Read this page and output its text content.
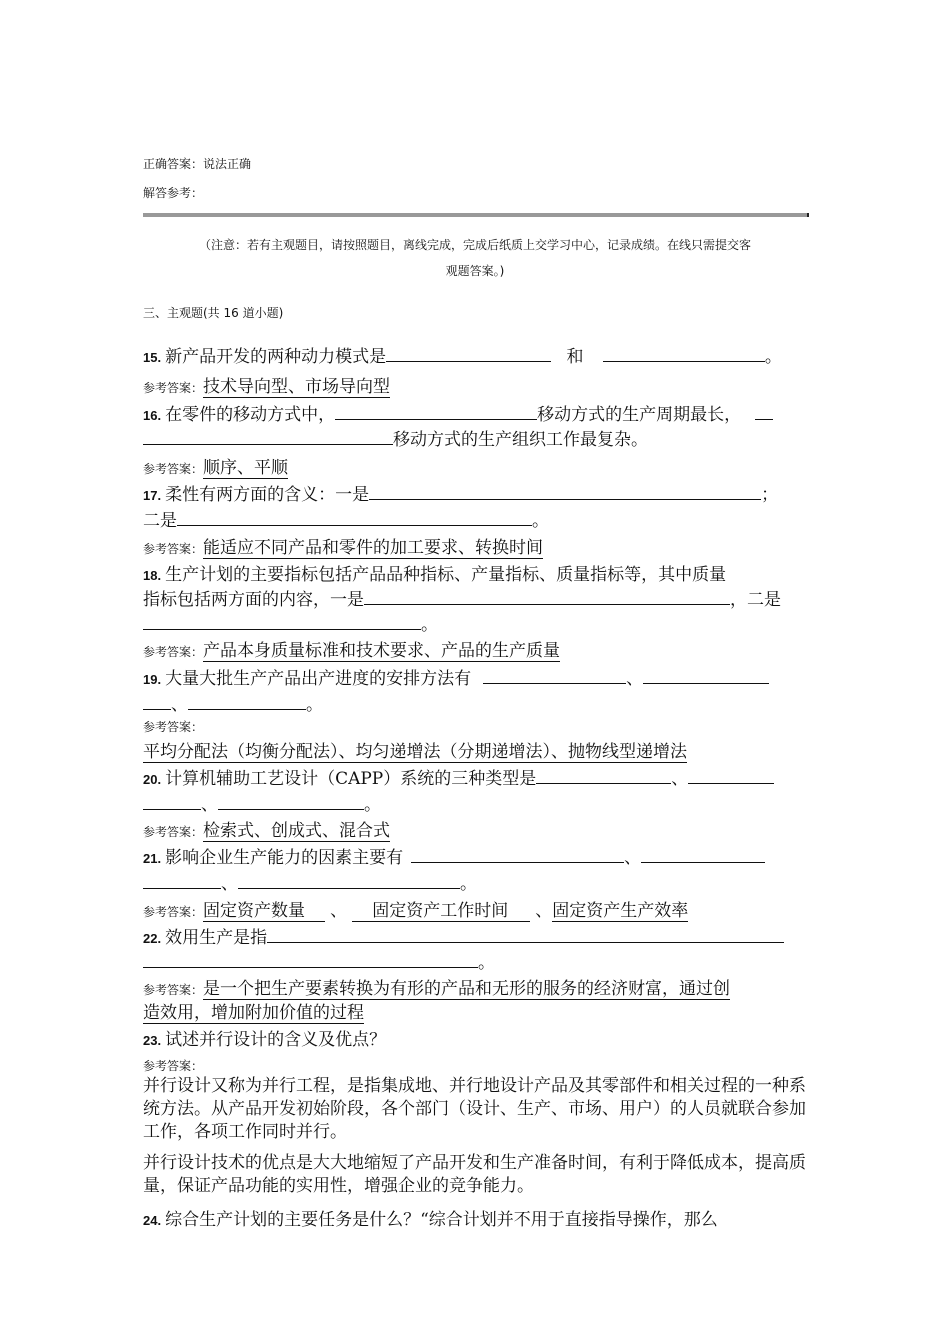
正确答案：说法正确
解答参考：
（注意：若有主观题目，请按照题目，离线完成，完成后纸质上交学习中心，记录成绩。在线只需提交客
观题答案。)
三、主观题(共 16 道小题)
15. 新产品开发的两种动力模式是	和	。
参考答案：技术导向型、市场导向型
16. 在零件的移动方式中，	移动方式的生产周期最长，
移动方式的生产组织工作最复杂。
参考答案：顺序、平顺
17. 柔性有两方面的含义：一是	；
二是	。
参考答案：能适应不同产品和零件的加工要求、转换时间
18. 生产计划的主要指标包括产品品种指标、产量指标、质量指标等，其中质量
指标包括两方面的内容，一是	，二是
。
参考答案：产品本身质量标准和技术要求、产品的生产质量
19. 大量大批生产产品出产进度的安排方法有	、
、	。
参考答案：
平均分配法（均衡分配法）、均匀递增法（分期递增法）、抛物线型递增法
20. 计算机辅助工艺设计（CAPP）系统的三种类型是	、
、	。
参考答案：检索式、创成式、混合式
21. 影响企业生产能力的因素主要有	、
、	。
参考答案：固定资产数量 、 固定资产工作时间 、固定资产生产效率
22. 效用生产是指
。
参考答案：是一个把生产要素转换为有形的产品和无形的服务的经济财富，通过创
造效用，增加附加价值的过程
23. 试述并行设计的含义及优点？
参考答案：
并行设计又称为并行工程，是指集成地、并行地设计产品及其零部件和相关过程的一种系统方法。从产品开发初始阶段，各个部门（设计、生产、市场、用户）的人员就联合参加工作，各项工作同时并行。
并行设计技术的优点是大大地缩短了产品开发和生产准备时间，有利于降低成本，提高质量，保证产品功能的实用性，增强企业的竞争能力。
24. 综合生产计划的主要任务是什么？“综合计划并不用于直接指导操作，那么
